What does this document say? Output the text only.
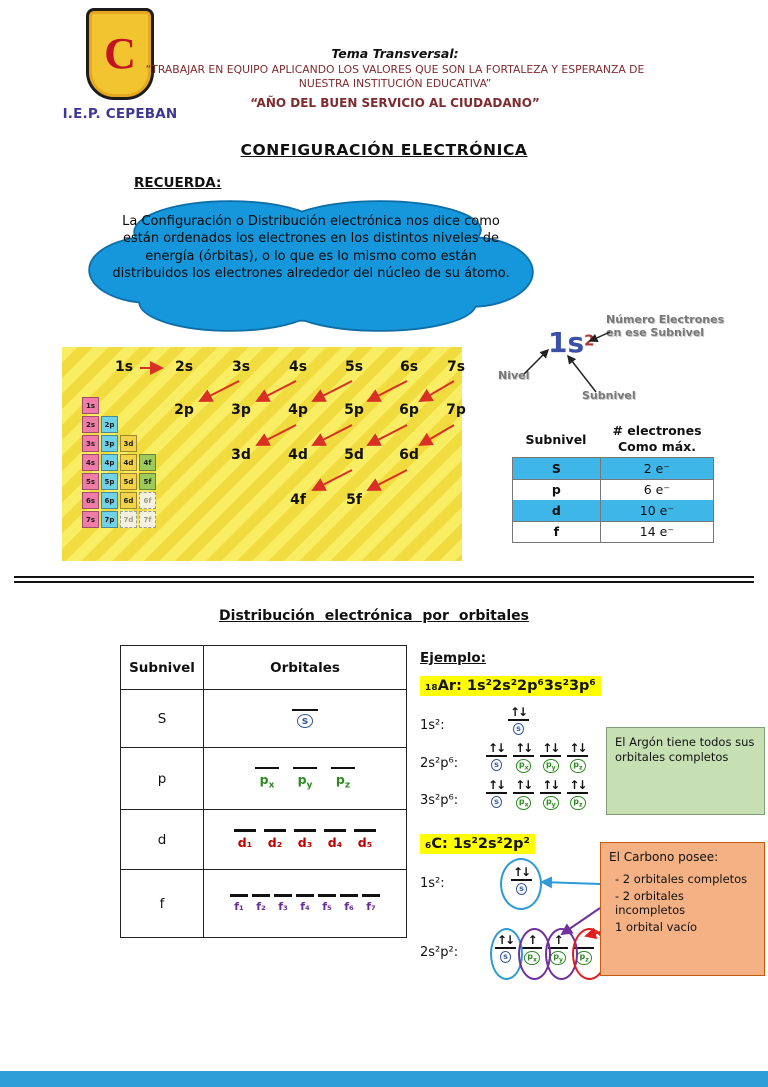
C
I.E.P. CEPEBAN
Tema Transversal:
“TRABAJAR EN EQUIPO APLICANDO LOS VALORES QUE SON LA FORTALEZA Y ESPERANZA DE NUESTRA INSTITUCIÓN EDUCATIVA”
“AÑO DEL BUEN SERVICIO AL CIUDADANO”
CONFIGURACIÓN ELECTRÓNICA
RECUERDA:
La Configuración o Distribución electrónica nos dice como están ordenados los electrones en los distintos niveles de energía (órbitas), o lo que es lo mismo como están distribuidos los electrones alrededor del núcleo de su átomo.
1s
2s	2p
3s	3p	3d
4s	4p	4d	4f
5s	5p	5d	5f
6s	6p	6d	6f
7s	7p	7d	7f
1s	2s	3s	4s	5s	6s	7s
2p	3p	4p	5p	6p	7p
3d	4d	5d	6d
4f	5f
$1s^2$
Número Electrones en ese Subnivel
Nivel
Subnivel
Subnivel
# electrones
Como máx.
S	2 e⁻
p	6 e⁻
d	10 e⁻
f	14 e⁻
Distribución electrónica por orbitales
Subnivel	Orbitales
S	s

p	$p_x$ $p_y$ $p_z$

d	d₁ d₂ d₃ d₄ d₅

f	f₁ f₂ f₃ f₄ f₅ f₆ f₇
Ejemplo:
₁₈Ar: 1s²2s²2p⁶3s²3p⁶
1s²:
↑↓
s
2s²p⁶:
↑↓
s
↑↓
$p_x$
↑↓
$p_y$
↑↓
$p_z$
3s²p⁶:
↑↓
s
↑↓
$p_x$
↑↓
$p_y$
↑↓
$p_z$
El Argón tiene todos sus orbitales completos
₆C: 1s²2s²2p²
1s²:
↑↓
s
2s²p²:
↑↓
s
↑
$p_x$
↑
$p_y$	$p_z$
El Carbono posee:
- 2 orbitales completos
- 2 orbitales incompletos
1 orbital vacío
